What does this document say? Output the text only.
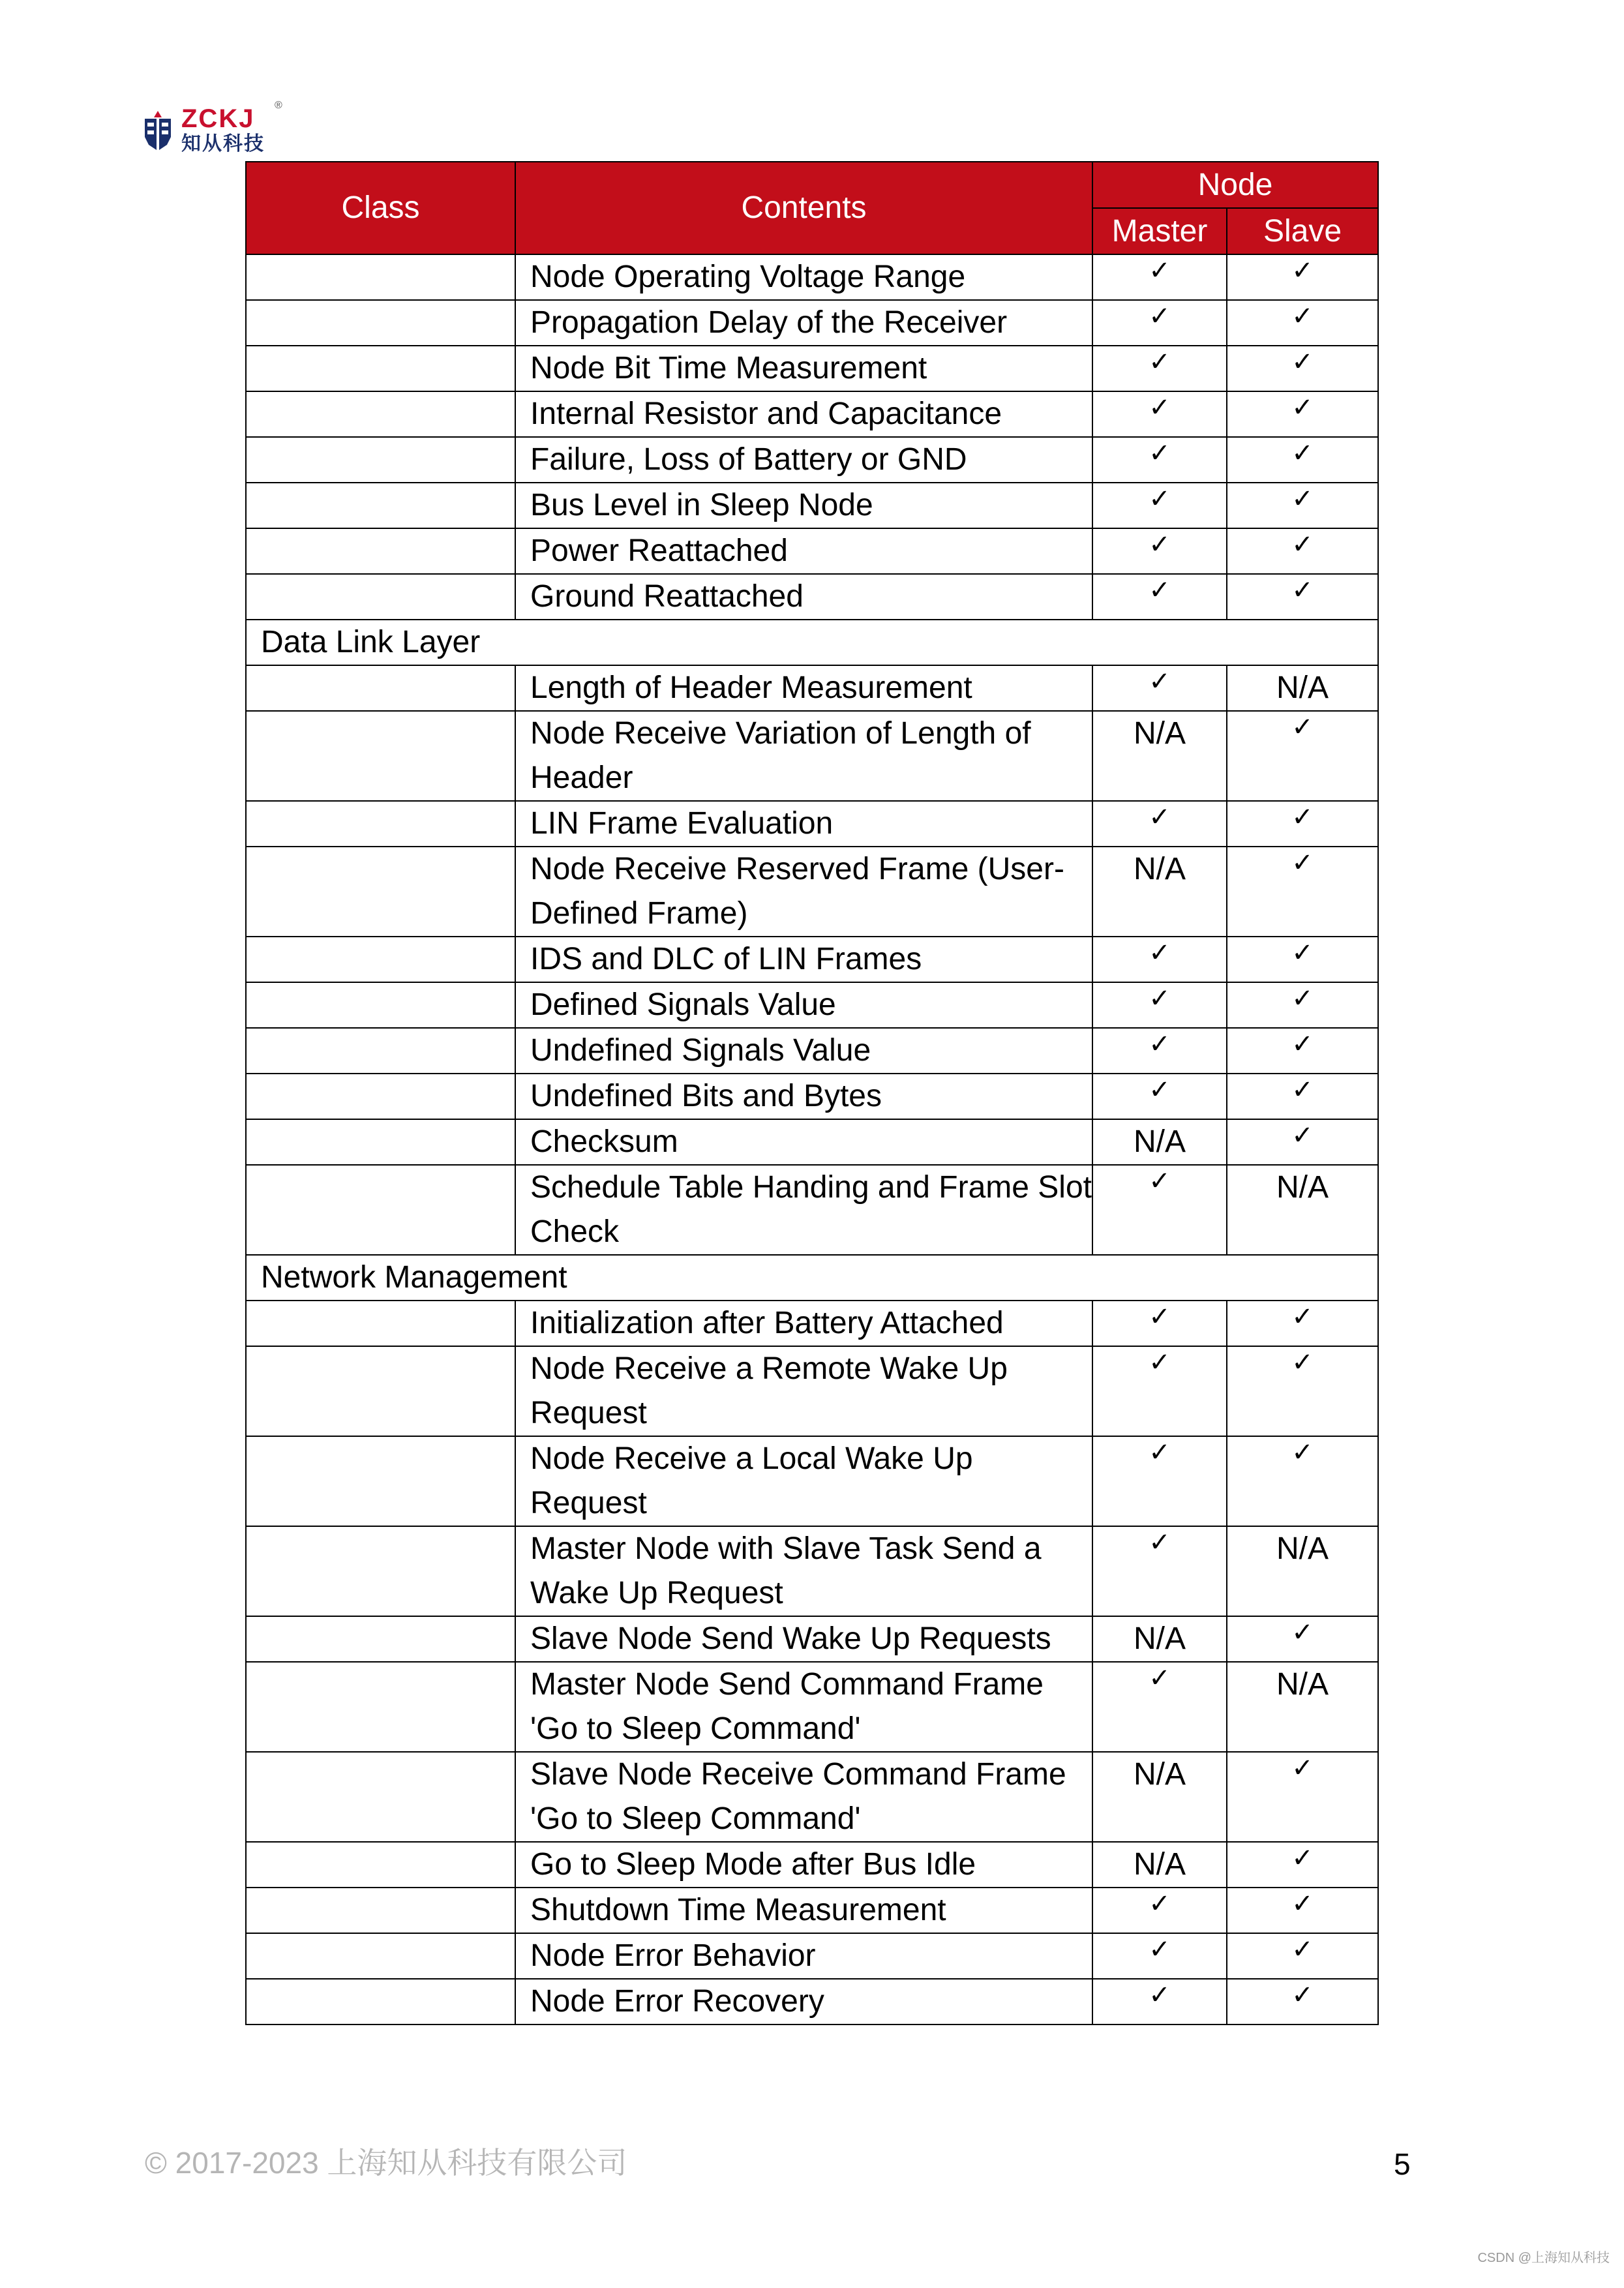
ZCKJ ®
知从科技
Class	Contents	Node	
		Master	Slave
	Node Operating Voltage Range	✓	✓

	Propagation Delay of the Receiver	✓	✓

	Node Bit Time Measurement	✓	✓

	Internal Resistor and Capacitance	✓	✓

	Failure, Loss of Battery or GND	✓	✓

	Bus Level in Sleep Node	✓	✓

	Power Reattached	✓	✓

	Ground Reattached	✓	✓

Data Link Layer			
	Length of Header Measurement	✓	N/A

	Node Receive Variation of Length of Header	N/A	✓

	LIN Frame Evaluation	✓	✓

	Node Receive Reserved Frame (User-Defined Frame)	N/A	✓

	IDS and DLC of LIN Frames	✓	✓

	Defined Signals Value	✓	✓

	Undefined Signals Value	✓	✓

	Undefined Bits and Bytes	✓	✓

	Checksum	N/A	✓

	Schedule Table Handing and Frame Slot Check	✓	N/A

Network Management			
	Initialization after Battery Attached	✓	✓

	Node Receive a Remote Wake Up Request	✓	✓

	Node Receive a Local Wake Up Request	✓	✓

	Master Node with Slave Task Send a Wake Up Request	✓	N/A

	Slave Node Send Wake Up Requests	N/A	✓

	Master Node Send Command Frame 'Go to Sleep Command'	✓	N/A

	Slave Node Receive Command Frame 'Go to Sleep Command'	N/A	✓

	Go to Sleep Mode after Bus Idle	N/A	✓

	Shutdown Time Measurement	✓	✓

	Node Error Behavior	✓	✓

	Node Error Recovery	✓	✓
© 2017-2023 上海知从科技有限公司	5
CSDN @上海知从科技
